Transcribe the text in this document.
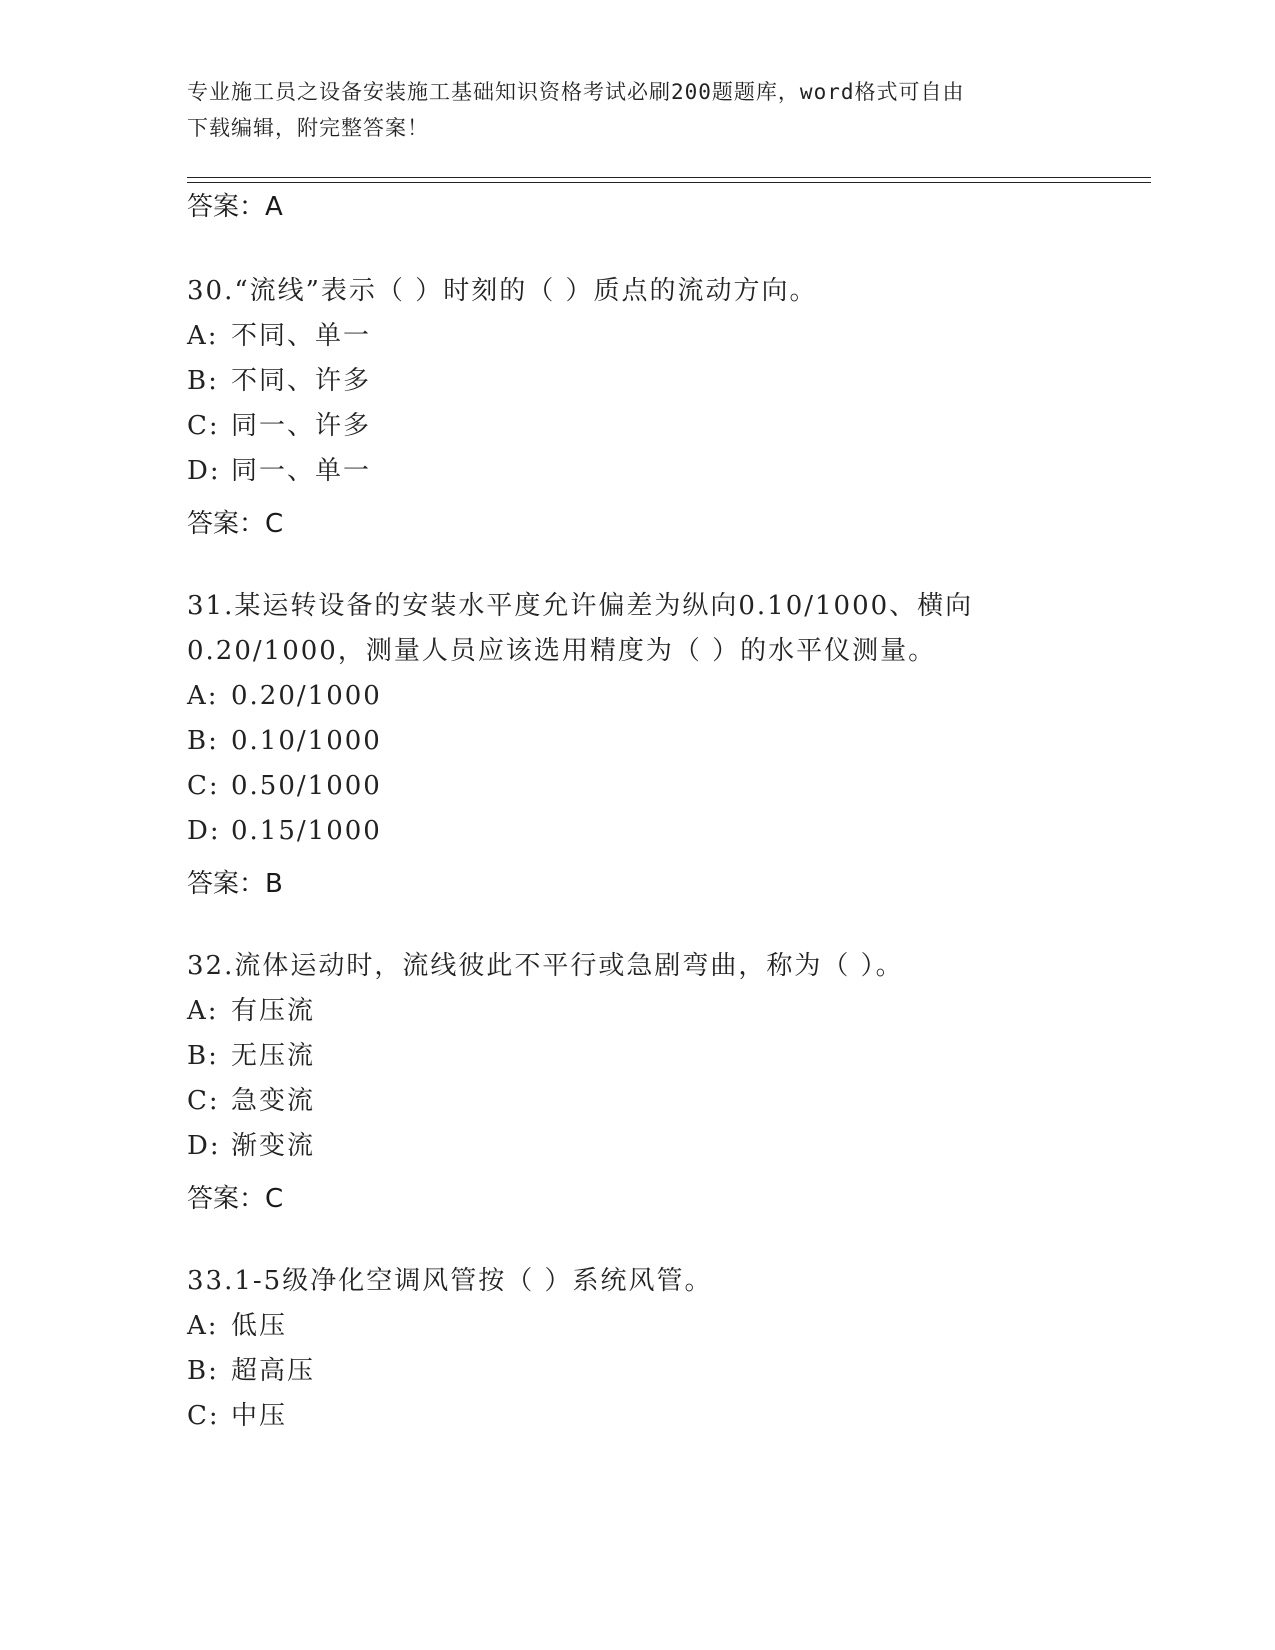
专业施工员之设备安装施工基础知识资格考试必刷200题题库，word格式可自由
下载编辑，附完整答案！
答案：A
30.“流线”表示（ ）时刻的（ ）质点的流动方向。
A: 不同、单一
B: 不同、许多
C: 同一、许多
D: 同一、单一
答案：C
31.某运转设备的安装水平度允许偏差为纵向0.10/1000、横向
0.20/1000，测量人员应该选用精度为（ ）的水平仪测量。
A: 0.20/1000
B: 0.10/1000
C: 0.50/1000
D: 0.15/1000
答案：B
32.流体运动时，流线彼此不平行或急剧弯曲，称为（ ）。
A: 有压流
B: 无压流
C: 急变流
D: 渐变流
答案：C
33.1-5级净化空调风管按（ ）系统风管。
A: 低压
B: 超高压
C: 中压
